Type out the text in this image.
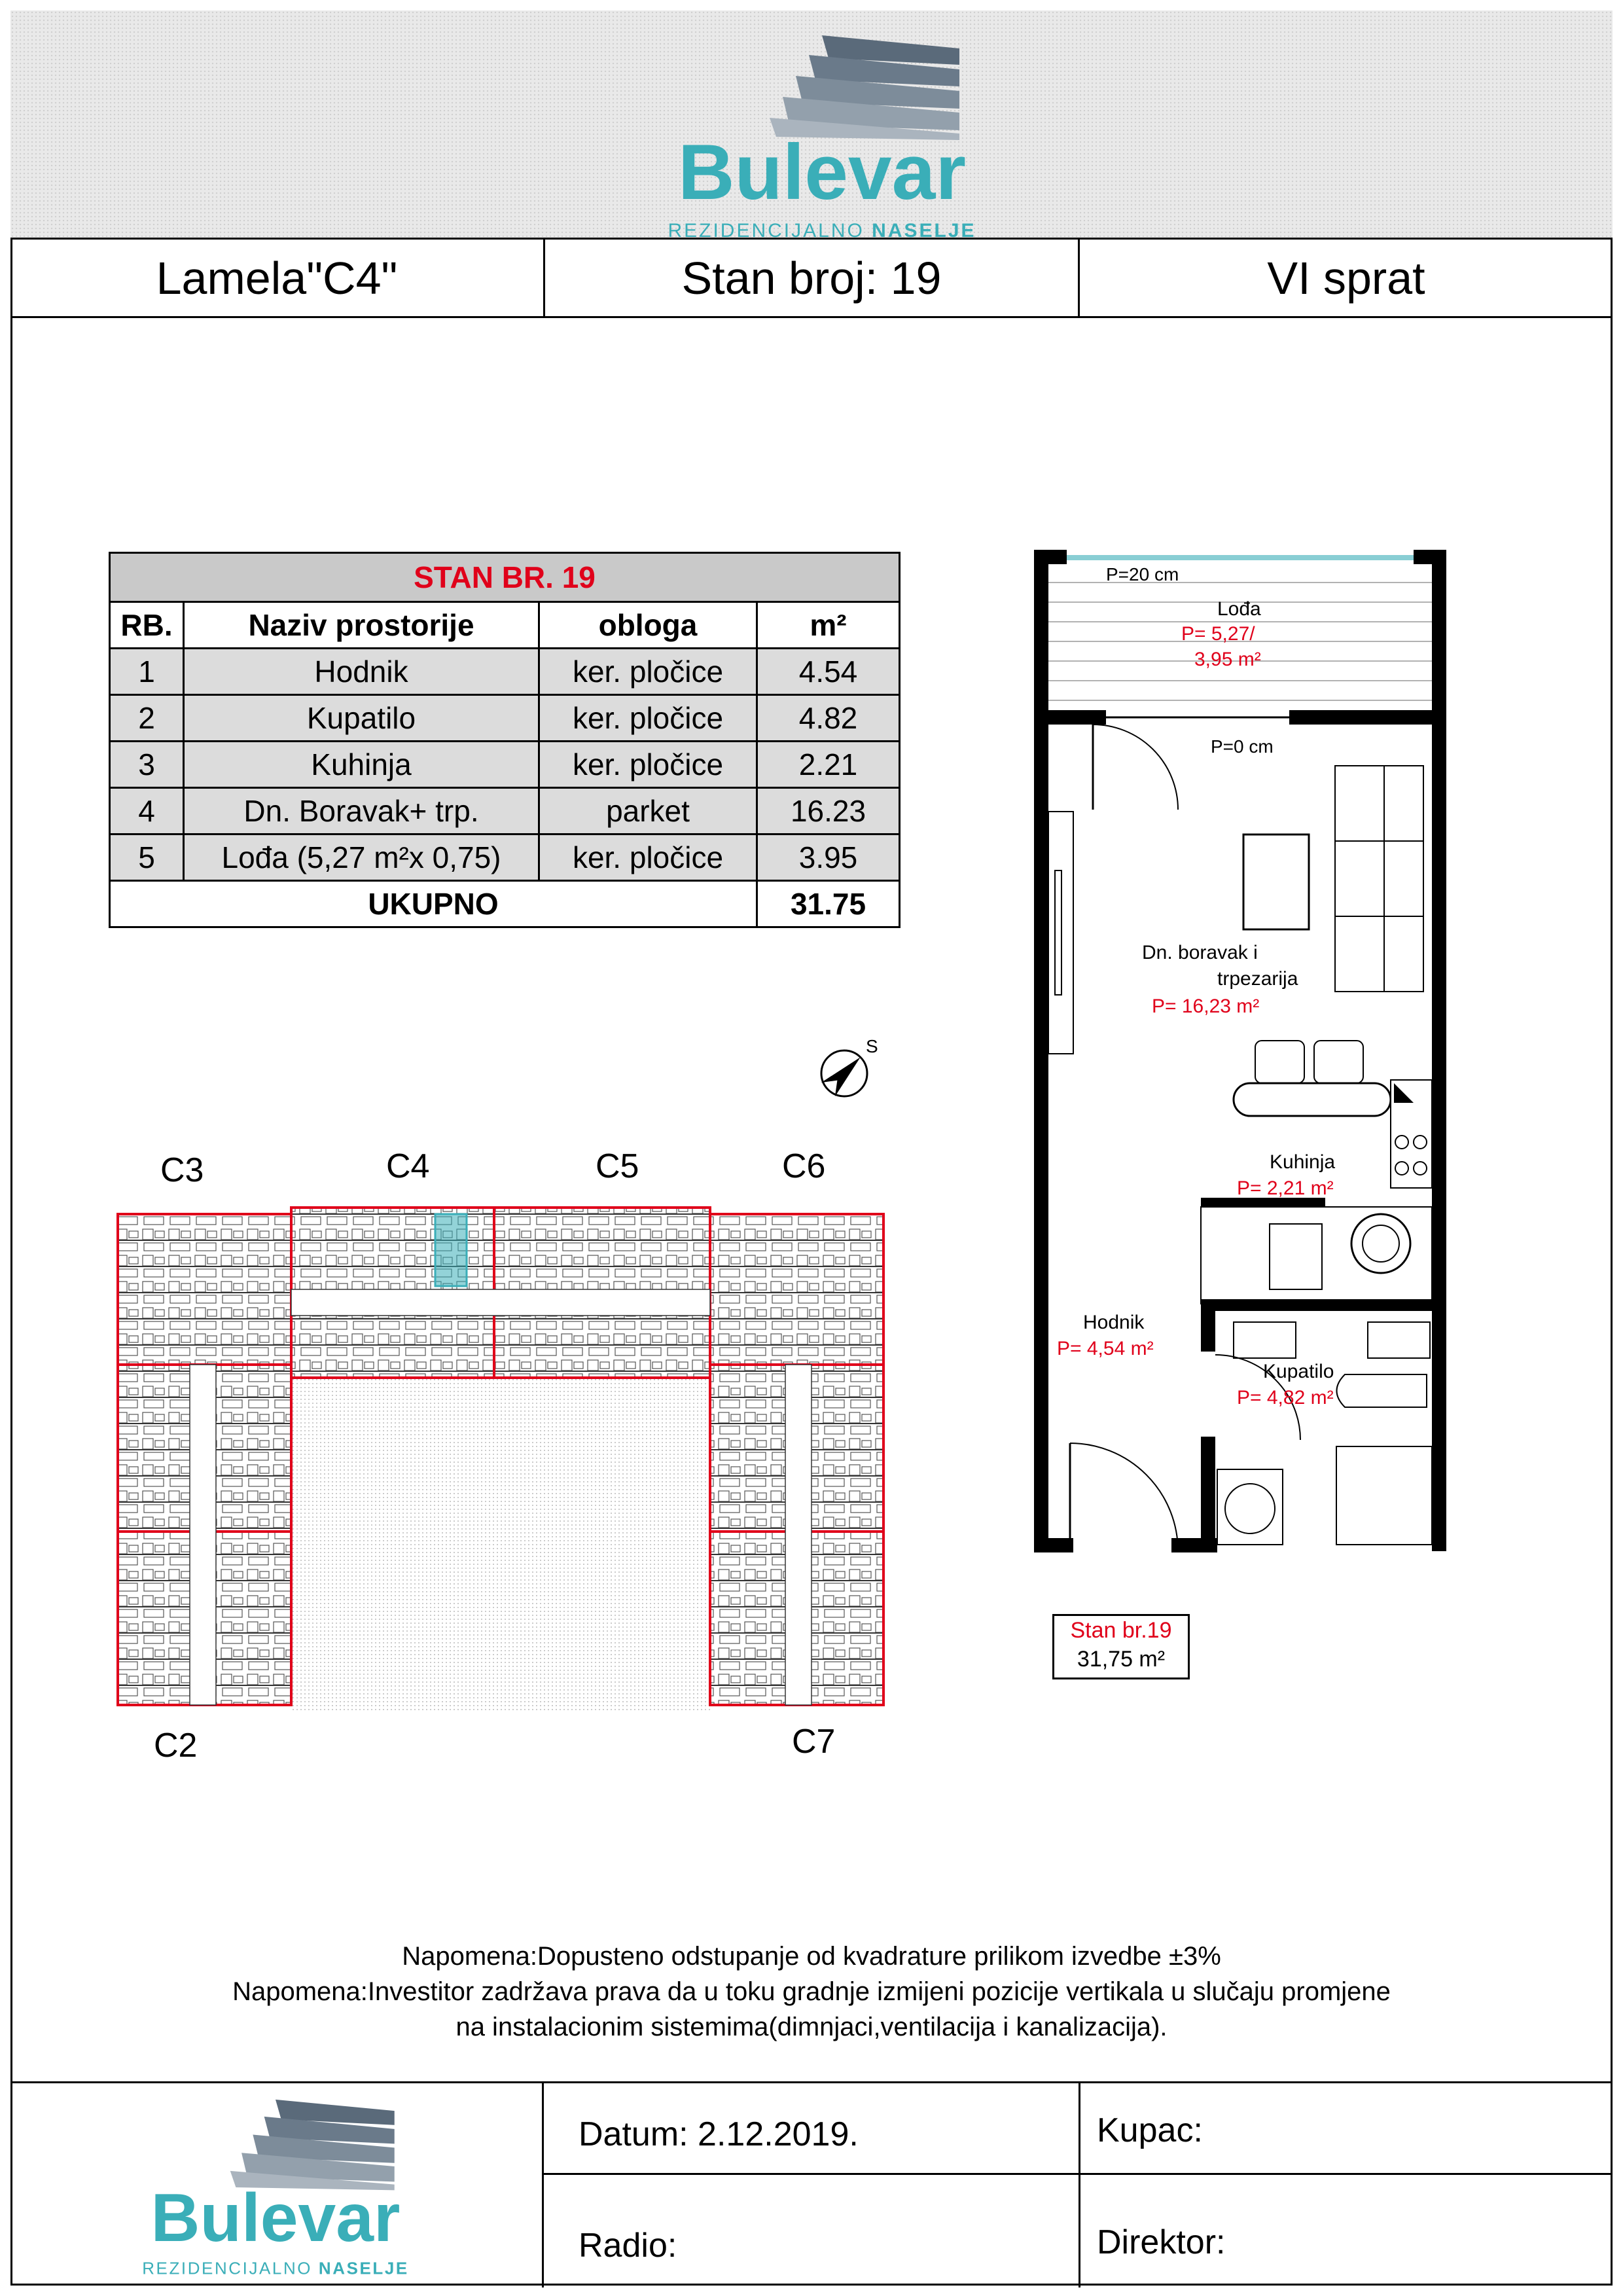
Bulevar
REZIDENCIJALNO NASELJE
Lamela"C4"	Stan broj: 19	VI sprat
STAN BR. 19			
RB.	Naziv prostorije	obloga	m²
1	Hodnik	ker. pločice	4.54
2	Kupatilo	ker. pločice	4.82
3	Kuhinja	ker. pločice	2.21
4	Dn. Boravak+ trp.	parket	16.23
5	Lođa (5,27 m²x 0,75)	ker. pločice	3.95
UKUPNO			31.75
P=20 cm
Lođa
P= 5,27/
3,95 m²
P=0 cm
Dn. boravak i
trpezarija
P= 16,23 m²
Kuhinja
P= 2,21 m²
Hodnik
P= 4,54 m²
Kupatilo
P= 4,82 m²
Stan br.19
31,75 m²
S
C3	C4	C5	C6
C2	C7
Napomena:Dopusteno odstupanje od kvadrature prilikom izvedbe ±3%
Napomena:Investitor zadržava prava da u toku gradnje izmijeni pozicije vertikala u slučaju promjene
na instalacionim sistemima(dimnjaci,ventilacija i kanalizacija).
Datum: 2.12.2019.	Kupac:
Radio:	Direktor:
Bulevar
REZIDENCIJALNO NASELJE
